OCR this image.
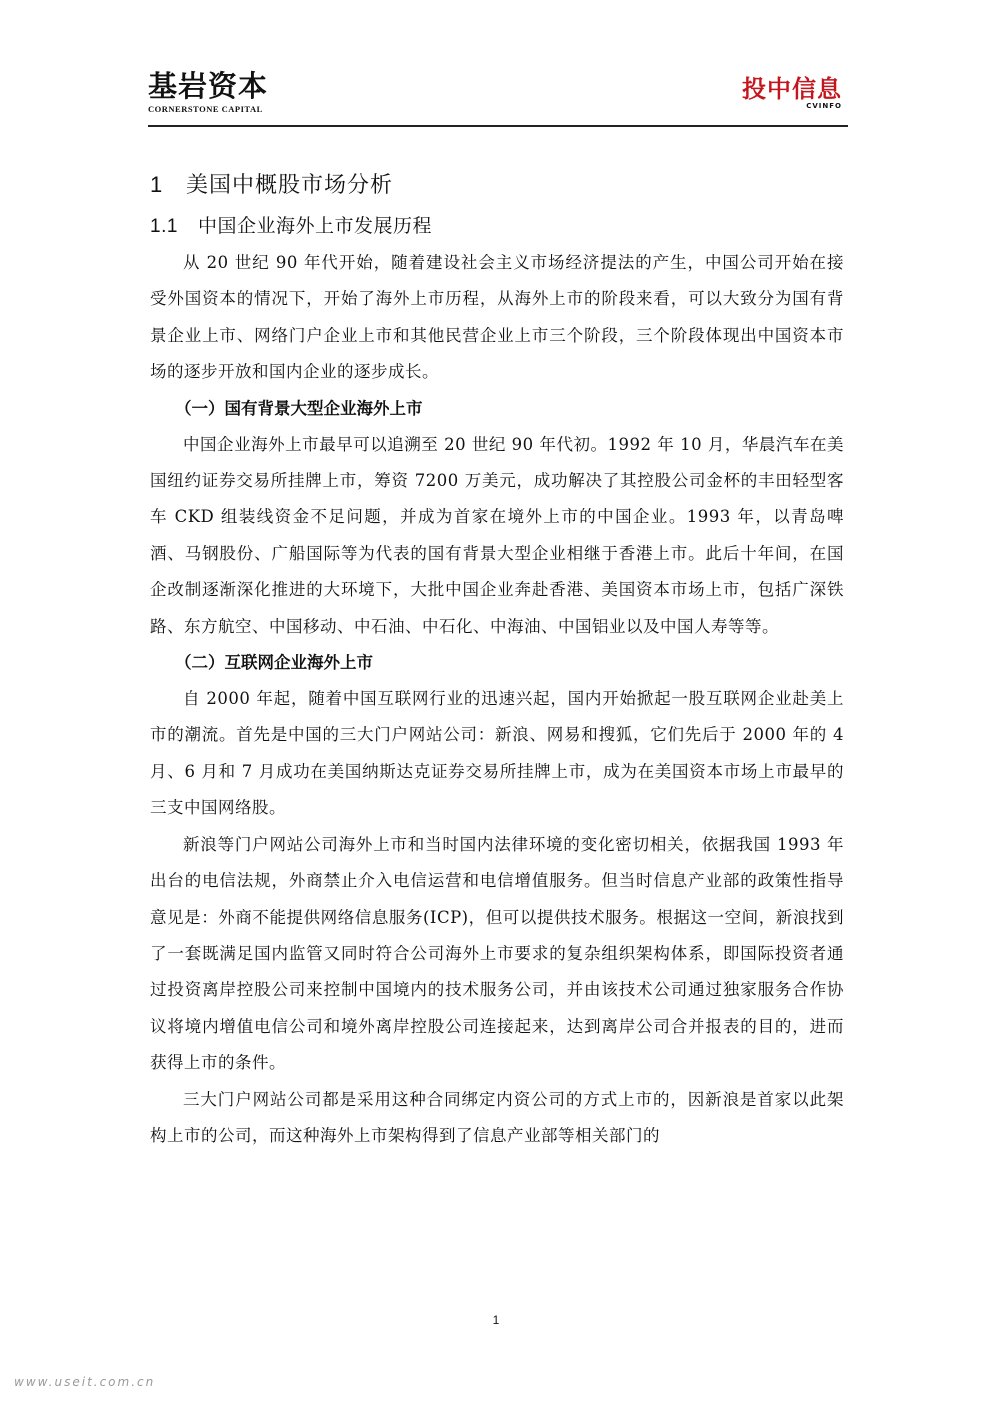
基岩资本
CORNERSTONE CAPITAL
投中信息
CVINFO
1 美国中概股市场分析
1.1 中国企业海外上市发展历程

从 20 世纪 90 年代开始，随着建设社会主义市场经济提法的产生，中国公司开始在接受外国资本的情况下，开始了海外上市历程，从海外上市的阶段来看，可以大致分为国有背景企业上市、网络门户企业上市和其他民营企业上市三个阶段，三个阶段体现出中国资本市场的逐步开放和国内企业的逐步成长。

（一）国有背景大型企业海外上市

中国企业海外上市最早可以追溯至 20 世纪 90 年代初。1992 年 10 月，华晨汽车在美国纽约证券交易所挂牌上市，筹资 7200 万美元，成功解决了其控股公司金杯的丰田轻型客车 CKD 组装线资金不足问题，并成为首家在境外上市的中国企业。1993 年，以青岛啤酒、马钢股份、广船国际等为代表的国有背景大型企业相继于香港上市。此后十年间，在国企改制逐渐深化推进的大环境下，大批中国企业奔赴香港、美国资本市场上市，包括广深铁路、东方航空、中国移动、中石油、中石化、中海油、中国铝业以及中国人寿等等。

（二）互联网企业海外上市

自 2000 年起，随着中国互联网行业的迅速兴起，国内开始掀起一股互联网企业赴美上市的潮流。首先是中国的三大门户网站公司：新浪、网易和搜狐，它们先后于 2000 年的 4 月、6 月和 7 月成功在美国纳斯达克证券交易所挂牌上市，成为在美国资本市场上市最早的三支中国网络股。

新浪等门户网站公司海外上市和当时国内法律环境的变化密切相关，依据我国 1993 年出台的电信法规，外商禁止介入电信运营和电信增值服务。但当时信息产业部的政策性指导意见是：外商不能提供网络信息服务(ICP)，但可以提供技术服务。根据这一空间，新浪找到了一套既满足国内监管又同时符合公司海外上市要求的复杂组织架构体系，即国际投资者通过投资离岸控股公司来控制中国境内的技术服务公司，并由该技术公司通过独家服务合作协议将境内增值电信公司和境外离岸控股公司连接起来，达到离岸公司合并报表的目的，进而获得上市的条件。

三大门户网站公司都是采用这种合同绑定内资公司的方式上市的，因新浪是首家以此架构上市的公司，而这种海外上市架构得到了信息产业部等相关部门的

1
www.useit.com.cn
